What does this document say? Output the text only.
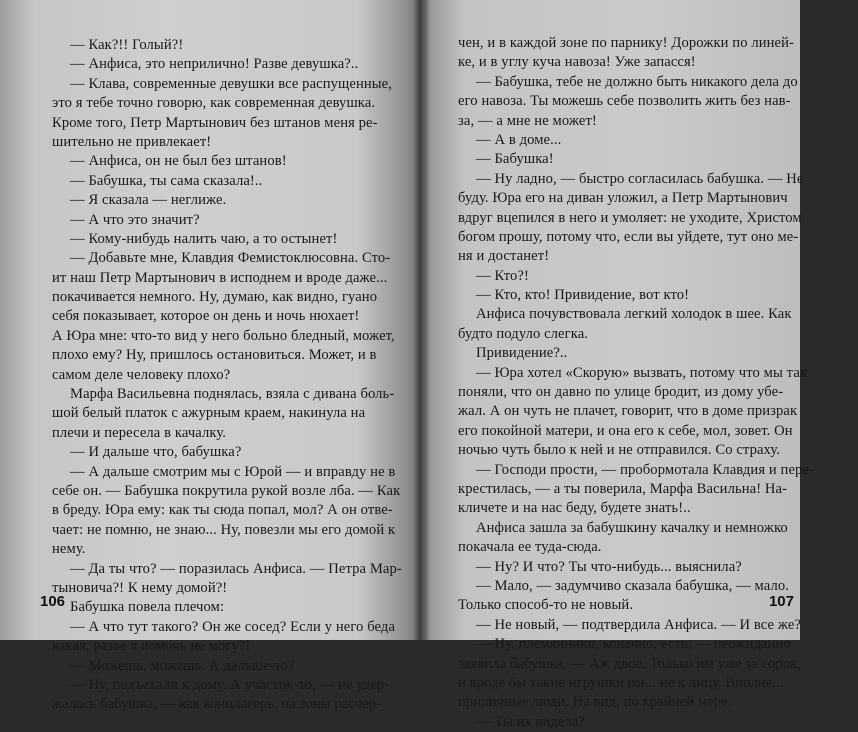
— Как?!! Голый?!
— Анфиса, это неприлично! Разве девушка?..
— Клава, современные девушки все распущенные,
это я тебе точно говорю, как современная девушка.
Кроме того, Петр Мартынович без штанов меня ре-
шительно не привлекает!
— Анфиса, он не был без штанов!
— Бабушка, ты сама сказала!..
— Я сказала — неглиже.
— А что это значит?
— Кому-нибудь налить чаю, а то остынет!
— Добавьте мне, Клавдия Фемистоклюсовна. Сто-
ит наш Петр Мартынович в исподнем и вроде даже...
покачивается немного. Ну, думаю, как видно, гуано
себя показывает, которое он день и ночь нюхает!
А Юра мне: что-то вид у него больно бледный, может,
плохо ему? Ну, пришлось остановиться. Может, и в
самом деле человеку плохо?
Марфа Васильевна поднялась, взяла с дивана боль-
шой белый платок с ажурным краем, накинула на
плечи и пересела в качалку.
— И дальше что, бабушка?
— А дальше смотрим мы с Юрой — и вправду не в
себе он. — Бабушка покрутила рукой возле лба. — Как
в бреду. Юра ему: как ты сюда попал, мол? А он отве-
чает: не помню, не знаю... Ну, повезли мы его домой к
нему.
— Да ты что? — поразилась Анфиса. — Петра Мар-
тыновича?! К нему домой?!
Бабушка повела плечом:
— А что тут такого? Он же сосед? Если у него беда
какая, разве я помочь не могу?!
— Можешь, можешь. А дальше-то?
— Ну, подъехали к дому. А участок-то, — не удер-
жалась бабушка, — как концлагерь, на зоны расчер-
106
чен, и в каждой зоне по парнику! Дорожки по линей-
ке, и в углу куча навоза! Уже запасся!
— Бабушка, тебе не должно быть никакого дела до
его навоза. Ты можешь себе позволить жить без нав-
за, — а мне не может!
— А в доме...
— Бабушка!
— Ну ладно, — быстро согласилась бабушка. — Не
буду. Юра его на диван уложил, а Петр Мартынович
вдруг вцепился в него и умоляет: не уходите, Христом
богом прошу, потому что, если вы уйдете, тут оно ме-
ня и достанет!
— Кто?!
— Кто, кто! Привидение, вот кто!
Анфиса почувствовала легкий холодок в шее. Как
будто подуло слегка.
Привидение?..
— Юра хотел «Скорую» вызвать, потому что мы так
поняли, что он давно по улице бродит, из дому убе-
жал. А он чуть не плачет, говорит, что в доме призрак
его покойной матери, и она его к себе, мол, зовет. Он
ночью чуть было к ней и не отправился. Со страху.
— Господи прости, — пробормотала Клавдия и пере-
крестилась, — а ты поверила, Марфа Васильна! На-
кличете и на нас беду, будете знать!..
Анфиса зашла за бабушкину качалку и немножко
покачала ее туда-сюда.
— Ну? И что? Ты что-нибудь... выяснила?
— Мало, — задумчиво сказала бабушка, — мало.
Только способ-то не новый.
— Не новый, — подтвердила Анфиса. — И все же?
— Ну, племянники, конечно, есть, — неожиданно
заявила бабушка. — Аж двое. Только им уже за сорок,
и вроде бы такие игрушки им... не к лицу. Вполне...
приличные люди. На вид, по крайней мере.
— Ты их видела?
107
